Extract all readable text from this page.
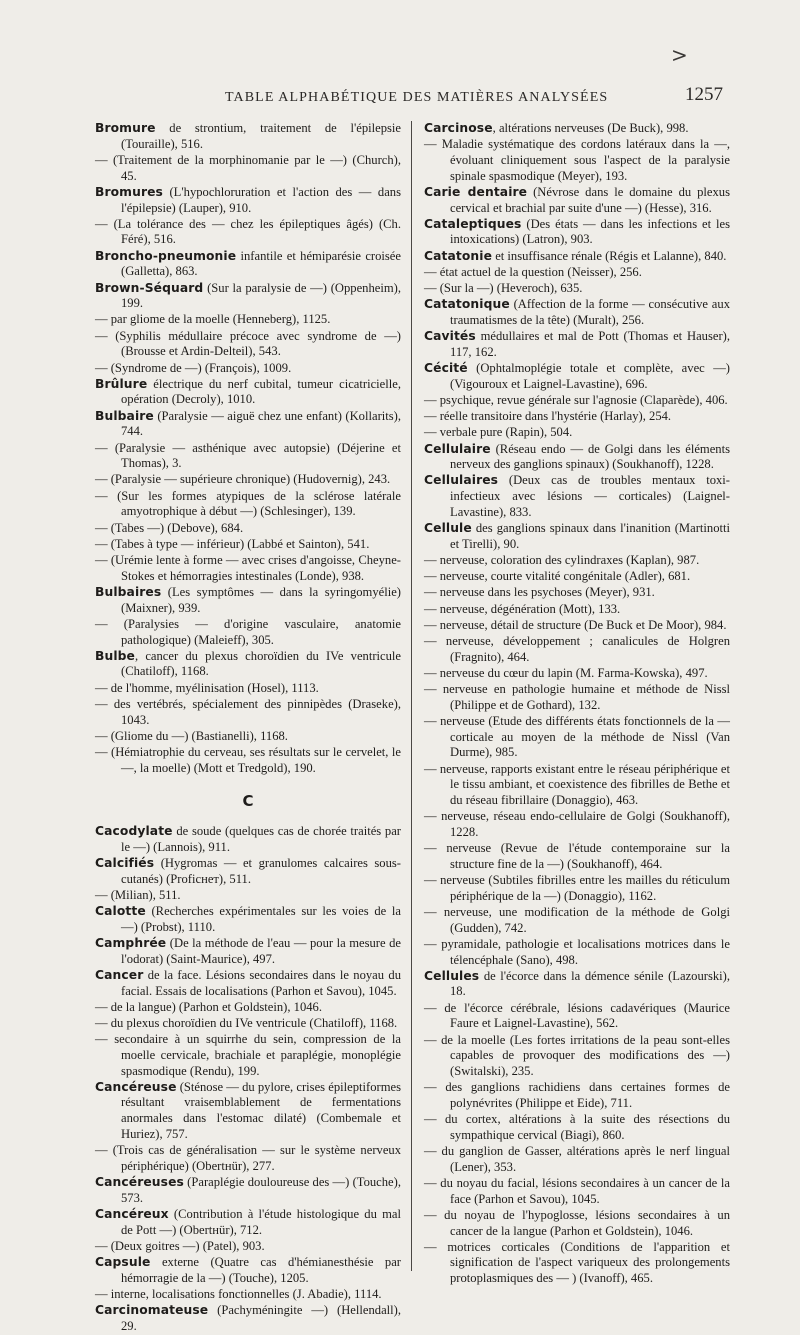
>
TABLE ALPHABÉTIQUE DES MATIÈRES ANALYSÉES	1257

Bromure de strontium, traitement de l'épilepsie (Touraille), 516.

— (Traitement de la morphinomanie par le —) (Church), 45.

Bromures (L'hypochloruration et l'action des — dans l'épilepsie) (Lauper), 910.

— (La tolérance des — chez les épileptiques âgés) (Ch. Féré), 516.

Broncho-pneumonie infantile et hémiparésie croisée (Galletta), 863.

Brown-Séquard (Sur la paralysie de —) (Oppenheim), 199.

— par gliome de la moelle (Henneberg), 1125.

— (Syphilis médullaire précoce avec syndrome de —) (Brousse et Ardin-Delteil), 543.

— (Syndrome de —) (François), 1009.

Brûlure électrique du nerf cubital, tumeur cicatricielle, opération (Decroly), 1010.

Bulbaire (Paralysie — aiguë chez une enfant) (Kollarits), 744.

— (Paralysie — asthénique avec autopsie) (Déjerine et Thomas), 3.

— (Paralysie — supérieure chronique) (Hudovernig), 243.

— (Sur les formes atypiques de la sclérose latérale amyotrophique à début —) (Schlesinger), 139.

— (Tabes —) (Debove), 684.

— (Tabes à type — inférieur) (Labbé et Sainton), 541.

— (Urémie lente à forme — avec crises d'angoisse, Cheyne-Stokes et hémorragies intestinales (Londe), 938.

Bulbaires (Les symptômes — dans la syringomyélie) (Maixner), 939.

— (Paralysies — d'origine vasculaire, anatomie pathologique) (Maleieff), 305.

Bulbe, cancer du plexus choroïdien du IVe ventricule (Chatiloff), 1168.

— de l'homme, myélinisation (Hosel), 1113.

— des vertébrés, spécialement des pinnipèdes (Draseke), 1043.

— (Gliome du —) (Bastianelli), 1168.

— (Hémiatrophie du cerveau, ses résultats sur le cervelet, le —, la moelle) (Mott et Tredgold), 190.

C

Cacodylate de soude (quelques cas de chorée traités par le —) (Lannois), 911.

Calcifiés (Hygromas — et granulomes calcaires sous-cutanés) (Proficнет), 511.

— (Milian), 511.

Calotte (Recherches expérimentales sur les voies de la —) (Probst), 1110.

Camphrée (De la méthode de l'eau — pour la mesure de l'odorat) (Saint-Maurice), 497.

Cancer de la face. Lésions secondaires dans le noyau du facial. Essais de localisations (Parhon et Savou), 1045.

— de la langue) (Parhon et Goldstein), 1046.

— du plexus choroïdien du IVe ventricule (Chatiloff), 1168.

— secondaire à un squirrhe du sein, compression de la moelle cervicale, brachiale et paraplégie, monoplégie spasmodique (Rendu), 199.

Cancéreuse (Sténose — du pylore, crises épileptiformes résultant vraisemblablement de fermentations anormales dans l'estomac dilaté) (Combemale et Huriez), 757.

— (Trois cas de généralisation — sur le système nerveux périphérique) (Obertнür), 277.

Cancéreuses (Paraplégie douloureuse des —) (Touche), 573.

Cancéreux (Contribution à l'étude histologique du mal de Pott —) (Obertнür), 712.

— (Deux goitres —) (Patel), 903.

Capsule externe (Quatre cas d'hémianesthésie par hémorragie de la —) (Touche), 1205.

— interne, localisations fonctionnelles (J. Abadie), 1114.

Carcinomateuse (Pachyméningite —) (Hellendall), 29.

Carcinose, altérations nerveuses (De Buck), 998.

— Maladie systématique des cordons latéraux dans la —, évoluant cliniquement sous l'aspect de la paralysie spinale spasmodique (Meyer), 193.

Carie dentaire (Névrose dans le domaine du plexus cervical et brachial par suite d'une —) (Hesse), 316.

Cataleptiques (Des états — dans les infections et les intoxications) (Latron), 903.

Catatonie et insuffisance rénale (Régis et Lalanne), 840.

— état actuel de la question (Neisser), 256.

— (Sur la —) (Heveroch), 635.

Catatonique (Affection de la forme — consécutive aux traumatismes de la tête) (Muralt), 256.

Cavités médullaires et mal de Pott (Thomas et Hauser), 117, 162.

Cécité (Ophtalmoplégie totale et complète, avec —) (Vigouroux et Laignel-Lavastine), 696.

— psychique, revue générale sur l'agnosie (Claparède), 406.

— réelle transitoire dans l'hystérie (Harlay), 254.

— verbale pure (Rapin), 504.

Cellulaire (Réseau endo — de Golgi dans les éléments nerveux des ganglions spinaux) (Soukhanoff), 1228.

Cellulaires (Deux cas de troubles mentaux toxi-infectieux avec lésions — corticales) (Laignel-Lavastine), 833.

Cellule des ganglions spinaux dans l'inanition (Martinotti et Tirelli), 90.

— nerveuse, coloration des cylindraxes (Kaplan), 987.

— nerveuse, courte vitalité congénitale (Adler), 681.

— nerveuse dans les psychoses (Meyer), 931.

— nerveuse, dégénération (Mott), 133.

— nerveuse, détail de structure (De Buck et De Moor), 984.

— nerveuse, développement ; canalicules de Holgren (Fragnito), 464.

— nerveuse du cœur du lapin (M. Farma-Kowska), 497.

— nerveuse en pathologie humaine et méthode de Nissl (Philippe et de Gothard), 132.

— nerveuse (Etude des différents états fonctionnels de la — corticale au moyen de la méthode de Nissl (Van Durme), 985.

— nerveuse, rapports existant entre le réseau périphérique et le tissu ambiant, et coexistence des fibrilles de Bethe et du réseau fibrillaire (Donaggio), 463.

— nerveuse, réseau endo-cellulaire de Golgi (Soukhanoff), 1228.

— nerveuse (Revue de l'étude contemporaine sur la structure fine de la —) (Soukhanoff), 464.

— nerveuse (Subtiles fibrilles entre les mailles du réticulum périphérique de la —) (Donaggio), 1162.

— nerveuse, une modification de la méthode de Golgi (Gudden), 742.

— pyramidale, pathologie et localisations motrices dans le télencéphale (Sano), 498.

Cellules de l'écorce dans la démence sénile (Lazourski), 18.

— de l'écorce cérébrale, lésions cadavériques (Maurice Faure et Laignel-Lavastine), 562.

— de la moelle (Les fortes irritations de la peau sont-elles capables de provoquer des modifications des —) (Switalski), 235.

— des ganglions rachidiens dans certaines formes de polynévrites (Philippe et Eide), 711.

— du cortex, altérations à la suite des résections du sympathique cervical (Biagi), 860.

— du ganglion de Gasser, altérations après le nerf lingual (Lener), 353.

— du noyau du facial, lésions secondaires à un cancer de la face (Parhon et Savou), 1045.

— du noyau de l'hypoglosse, lésions secondaires à un cancer de la langue (Parhon et Goldstein), 1046.

— motrices corticales (Conditions de l'apparition et signification de l'aspect variqueux des prolongements protoplasmiques des — ) (Ivanoff), 465.
